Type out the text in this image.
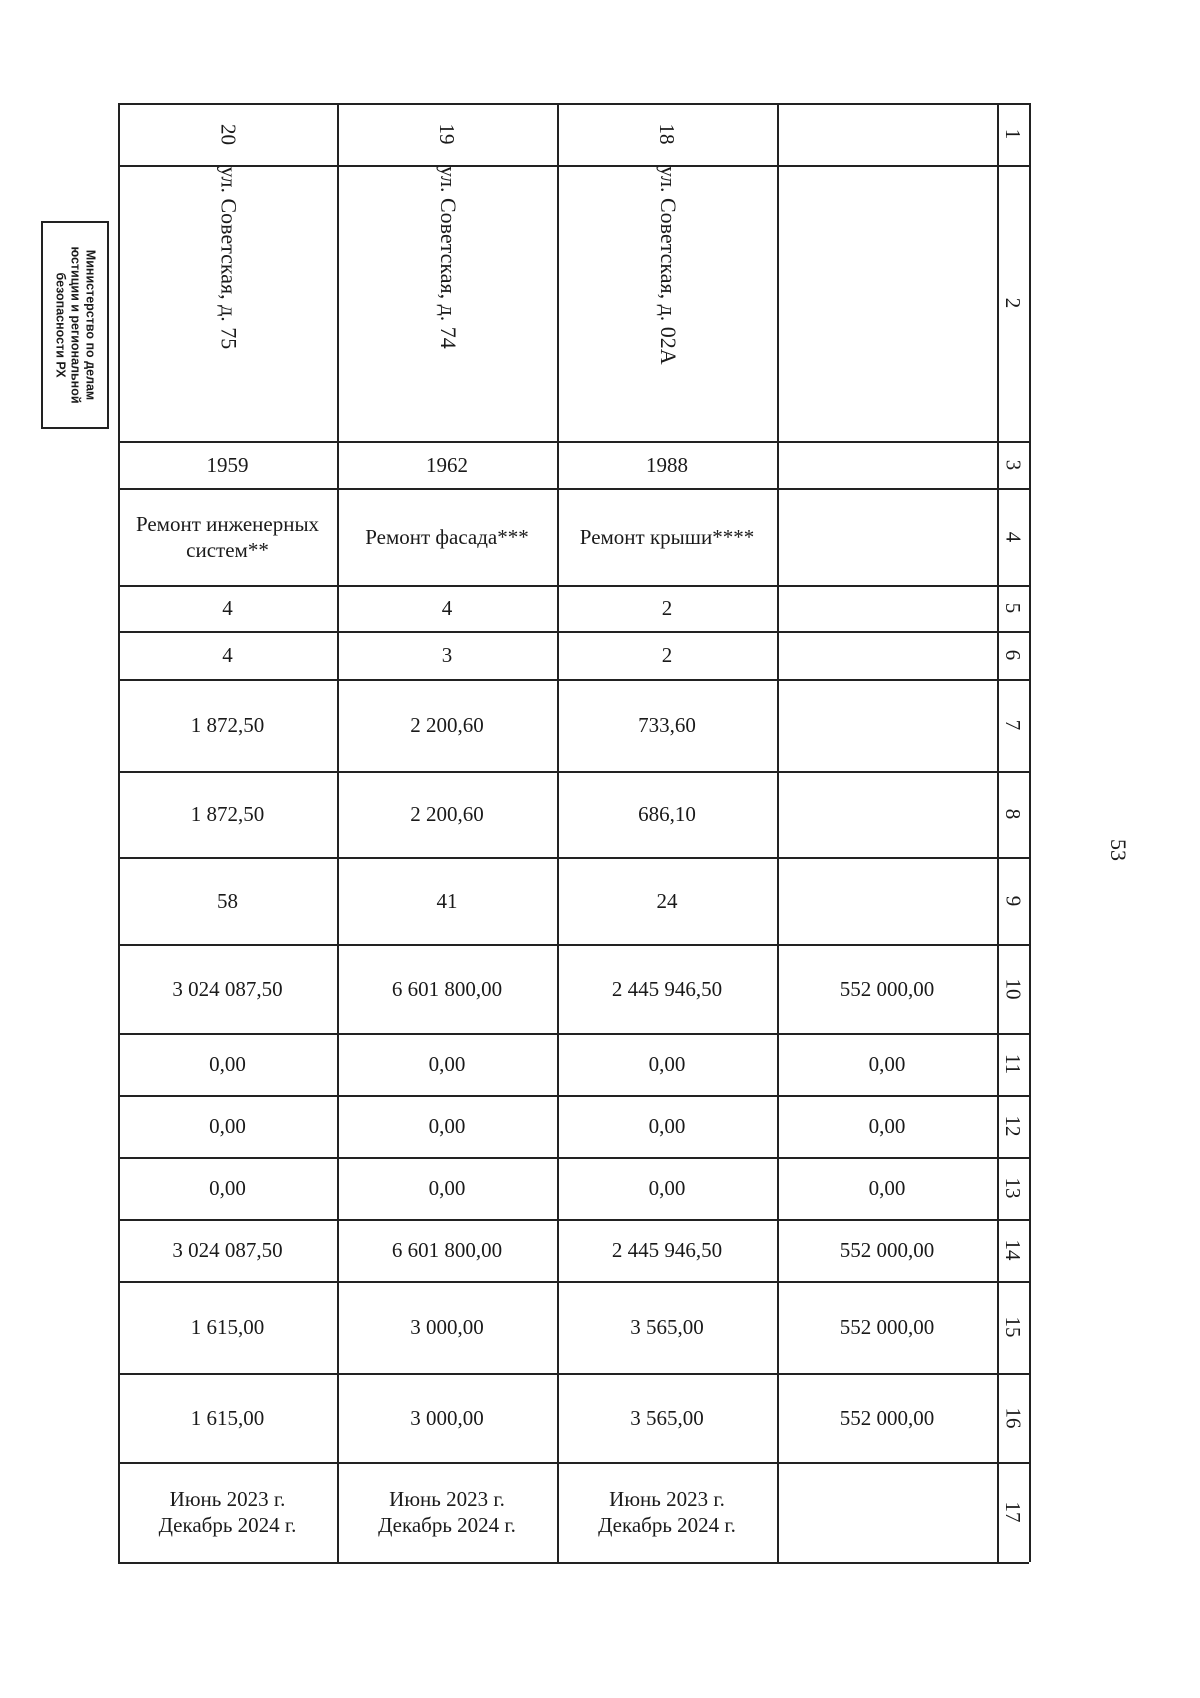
Министерство по делам
юстиции и региональной
безопасности РХ
53
20
ул. Советская, д. 75
1959
Ремонт инженерных систем**
4
4
1 872,50
1 872,50
58
3 024 087,50
0,00
0,00
0,00
3 024 087,50
1 615,00
1 615,00
Июнь 2023 г.
Декабрь 2024 г.
19
ул. Советская, д. 74
1962
Ремонт фасада***
4
3
2 200,60
2 200,60
41
6 601 800,00
0,00
0,00
0,00
6 601 800,00
3 000,00
3 000,00
Июнь 2023 г.
Декабрь 2024 г.
18
ул. Советская, д. 02А
1988
Ремонт крыши****
2
2
733,60
686,10
24
2 445 946,50
0,00
0,00
0,00
2 445 946,50
3 565,00
3 565,00
Июнь 2023 г.
Декабрь 2024 г.
552 000,00
0,00
0,00
0,00
552 000,00
552 000,00
552 000,00
1
2
3
4
5
6
7
8
9
10
11
12
13
14
15
16
17
